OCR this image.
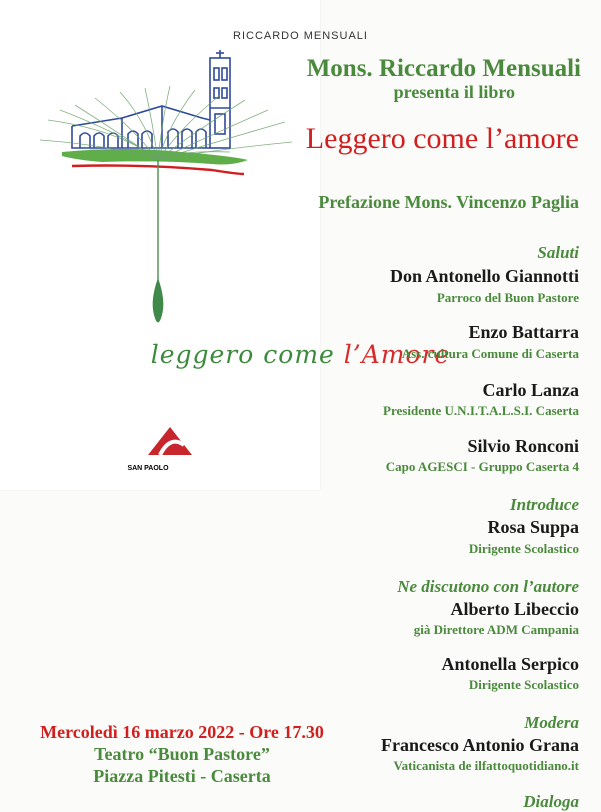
Mons. Riccardo Mensuali
presenta il libro
Leggero come l’amore
Prefazione Mons. Vincenzo Paglia
RICCARDO MENSUALI
leggero come l’Amore
SAN PAOLO
Mercoledì 16 marzo 2022 - Ore 17.30
Teatro “Buon Pastore”
Piazza Pitesti - Caserta
Saluti
Don Antonello Giannotti
Parroco del Buon Pastore
Enzo Battarra
Ass. cultura Comune di Caserta
Carlo Lanza
Presidente U.N.I.T.A.L.S.I. Caserta
Silvio Ronconi
Capo AGESCI - Gruppo Caserta 4
Introduce
Rosa Suppa
Dirigente Scolastico
Ne discutono con l’autore
Alberto Libeccio
già Direttore ADM Campania
Antonella Serpico
Dirigente Scolastico
Modera
Francesco Antonio Grana
Vaticanista de ilfattoquotidiano.it
Dialoga
